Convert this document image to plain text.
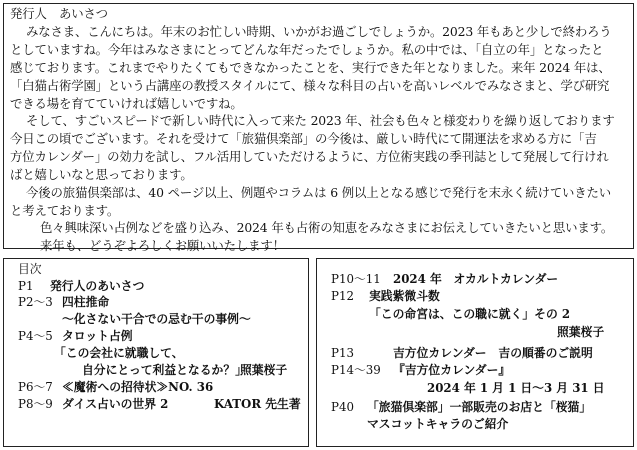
発行人　あいさつ
みなさま、こんにちは。年末のお忙しい時期、いかがお過ごしでしょうか。2023 年もあと少しで終わろう
としていますね。今年はみなさまにとってどんな年だったでしょうか。私の中では、「自立の年」となったと
感じております。これまでやりたくてもできなかったことを、実行できた年となりました。来年 2024 年は、
「白猫占術学園」という占講座の教授スタイルにて、様々な科目の占いを高いレベルでみなさまと、学び研究
できる場を育てていければ嬉しいですね。
そして、すごいスピードで新しい時代に入って来た 2023 年、社会も色々と様変わりを繰り返しております
今日この頃でございます。それを受けて「旅猫倶楽部」の今後は、厳しい時代にて開運法を求める方に「吉
方位カレンダー」の効力を試し、フル活用していただけるように、方位術実践の季刊誌として発展して行けれ
ばと嬉しいなと思っております。
今後の旅猫倶楽部は、40 ページ以上、例題やコラムは 6 例以上となる感じで発行を末永く続けていきたい
と考えております。
目次
P1 発行人のあいさつ
P2〜3 四柱推命
〜化さない干合での忌む干の事例〜
P4〜5 タロット占例
「この会社に就職して、
自分にとって利益となるか？」
照葉桜子
P6〜7 ≪魔術への招待状≫NO. 36
P8〜9 ダイス占いの世界 2	KATOR 先生著
P10〜11 2024 年　オカルトカレンダー
P12 実践紫微斗数
「この命宮は、この職に就く」その 2
照葉桜子
P13	吉方位カレンダー　吉の順番のご説明
P14〜39 『吉方位カレンダー』
2024 年 1 月 1 日〜3 月 31 日
P40 「旅猫倶楽部」一部販売のお店と「桜猫」
マスコットキャラのご紹介
色々興味深い占例などを盛り込み、2024 年も占術の知恵をみなさまにお伝えしていきたいと思います。
来年も、どうぞよろしくお願いいたします！
